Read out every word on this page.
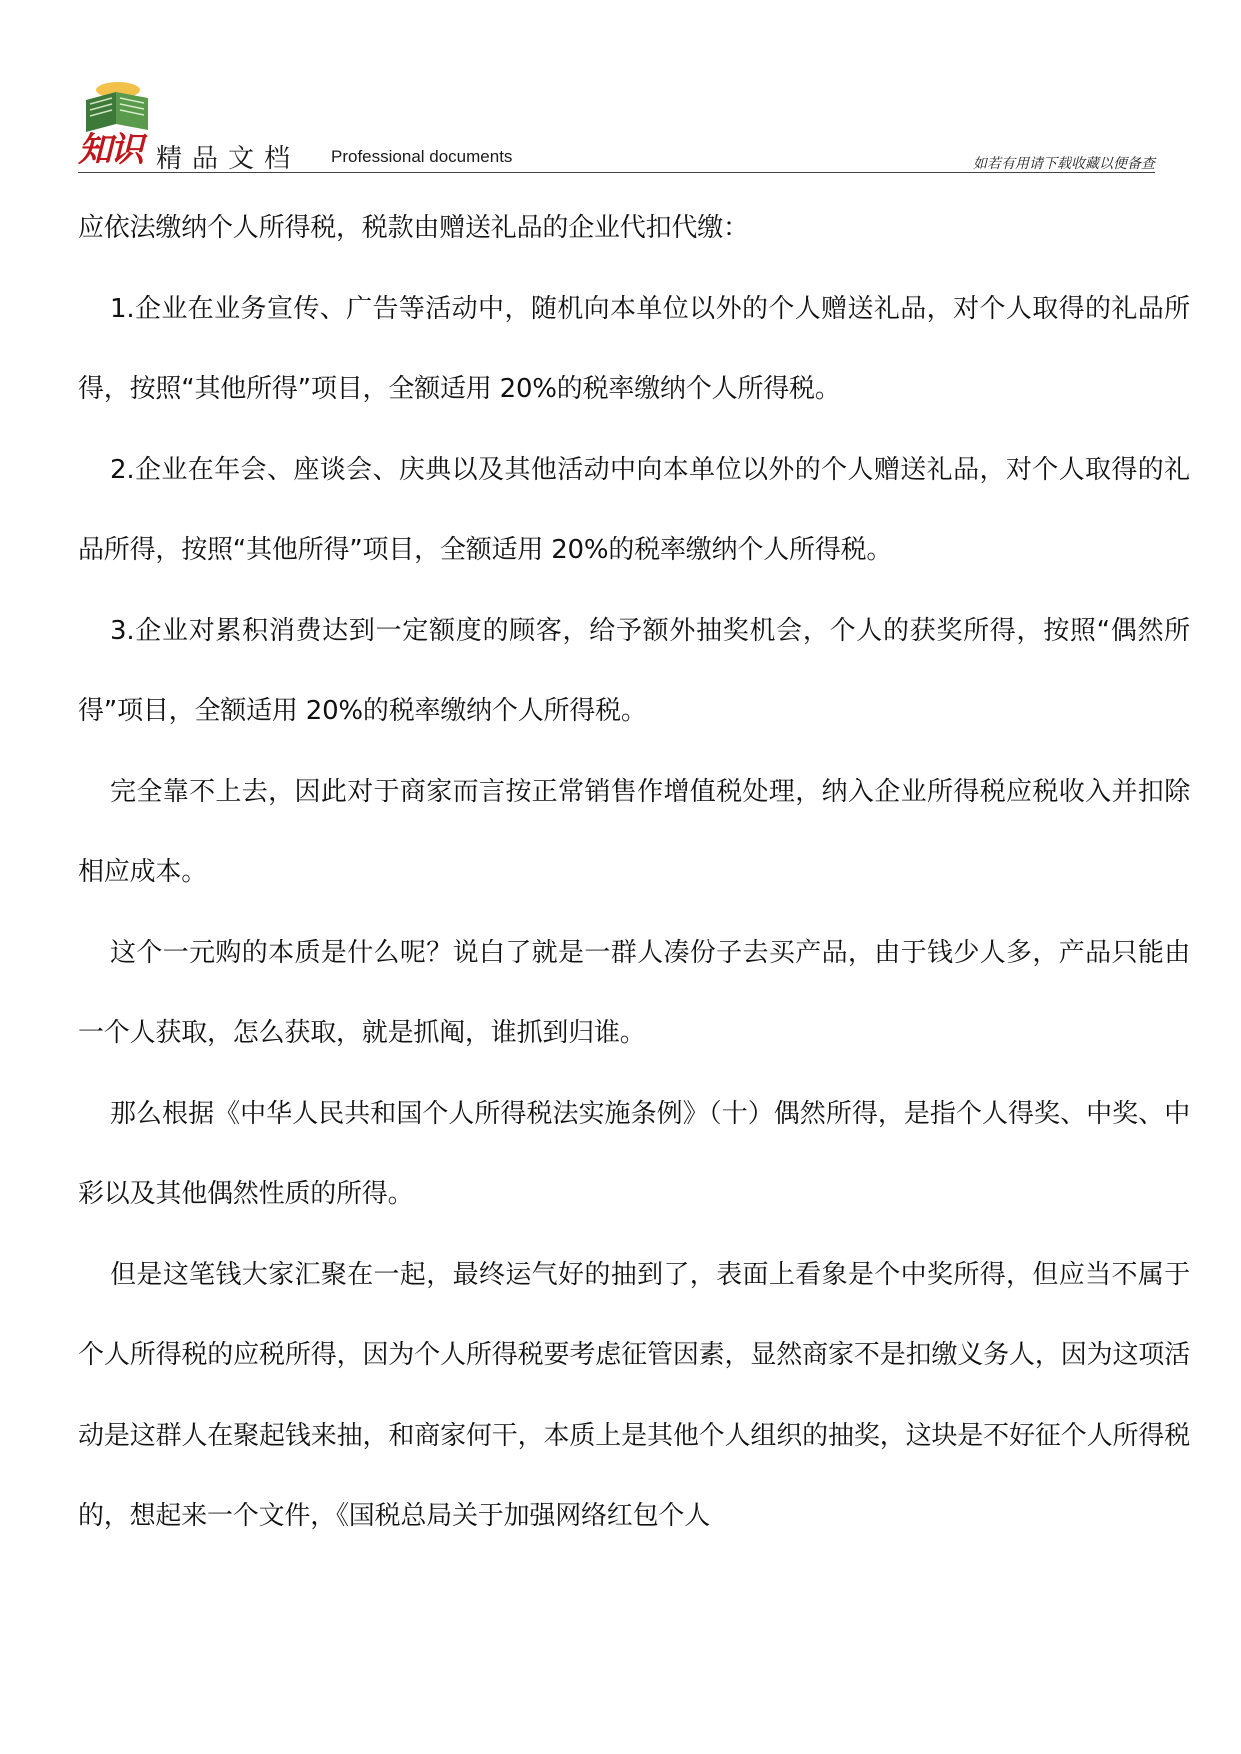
知识 精品文档 Professional documents	如若有用请下载收藏以便备查

应依法缴纳个人所得税，税款由赠送礼品的企业代扣代缴：

1.企业在业务宣传、广告等活动中，随机向本单位以外的个人赠送礼品，对个人取得的礼品所得，按照“其他所得”项目，全额适用 20%的税率缴纳个人所得税。

2.企业在年会、座谈会、庆典以及其他活动中向本单位以外的个人赠送礼品，对个人取得的礼品所得，按照“其他所得”项目，全额适用 20%的税率缴纳个人所得税。

3.企业对累积消费达到一定额度的顾客，给予额外抽奖机会，个人的获奖所得，按照“偶然所得”项目，全额适用 20%的税率缴纳个人所得税。

完全靠不上去，因此对于商家而言按正常销售作增值税处理，纳入企业所得税应税收入并扣除相应成本。

这个一元购的本质是什么呢？说白了就是一群人凑份子去买产品，由于钱少人多，产品只能由一个人获取，怎么获取，就是抓阄，谁抓到归谁。

那么根据《中华人民共和国个人所得税法实施条例》（十）偶然所得，是指个人得奖、中奖、中彩以及其他偶然性质的所得。

但是这笔钱大家汇聚在一起，最终运气好的抽到了，表面上看象是个中奖所得，但应当不属于个人所得税的应税所得，因为个人所得税要考虑征管因素，显然商家不是扣缴义务人，因为这项活动是这群人在聚起钱来抽，和商家何干，本质上是其他个人组织的抽奖，这块是不好征个人所得税的，想起来一个文件，《国税总局关于加强网络红包个人
